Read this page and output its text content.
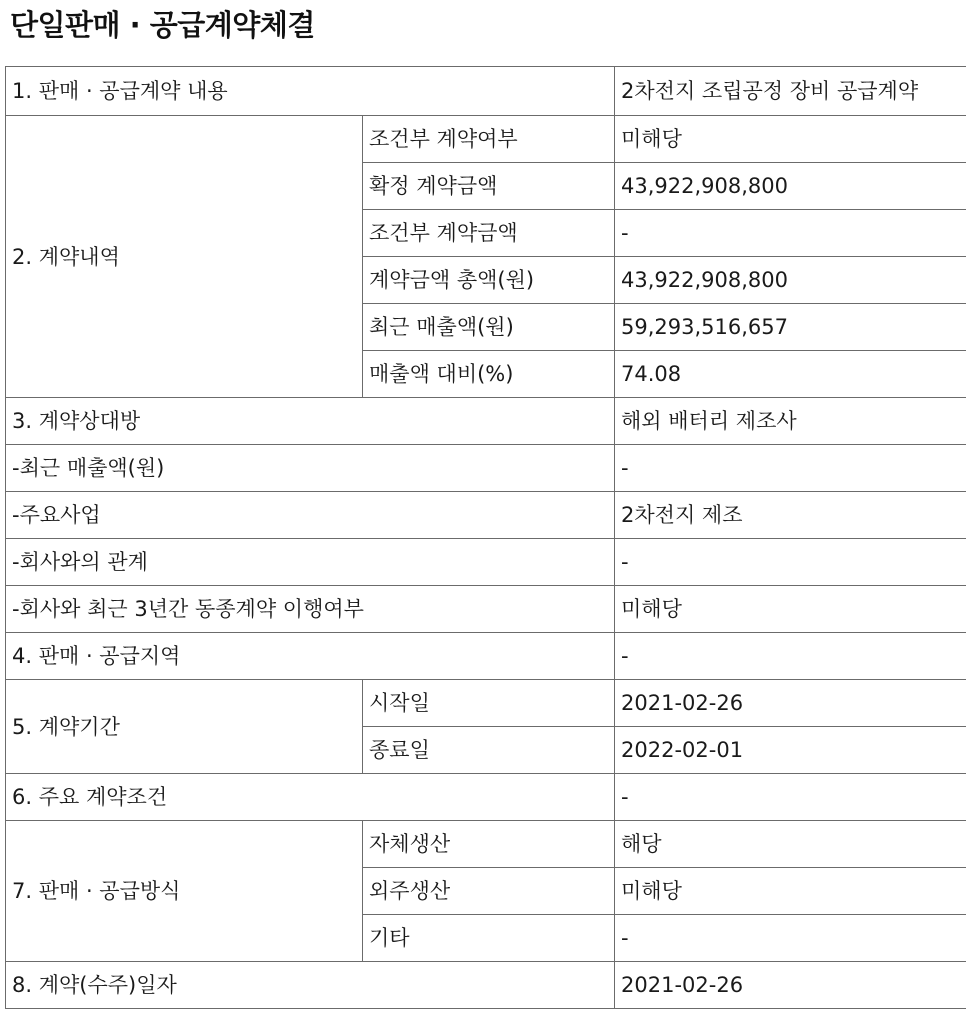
단일판매 · 공급계약체결
1. 판매 · 공급계약 내용		2차전지 조립공정 장비 공급계약
2. 계약내역	조건부 계약여부	미해당
	확정 계약금액	43,922,908,800
	조건부 계약금액	-
	계약금액 총액(원)	43,922,908,800
	최근 매출액(원)	59,293,516,657
	매출액 대비(%)	74.08
3. 계약상대방		해외 배터리 제조사
-최근 매출액(원)		-
-주요사업		2차전지 제조
-회사와의 관계		-
-회사와 최근 3년간 동종계약 이행여부		미해당
4. 판매 · 공급지역		-
5. 계약기간	시작일	2021-02-26
	종료일	2022-02-01
6. 주요 계약조건		-
7. 판매 · 공급방식	자체생산	해당
	외주생산	미해당
	기타	-
8. 계약(수주)일자		2021-02-26
